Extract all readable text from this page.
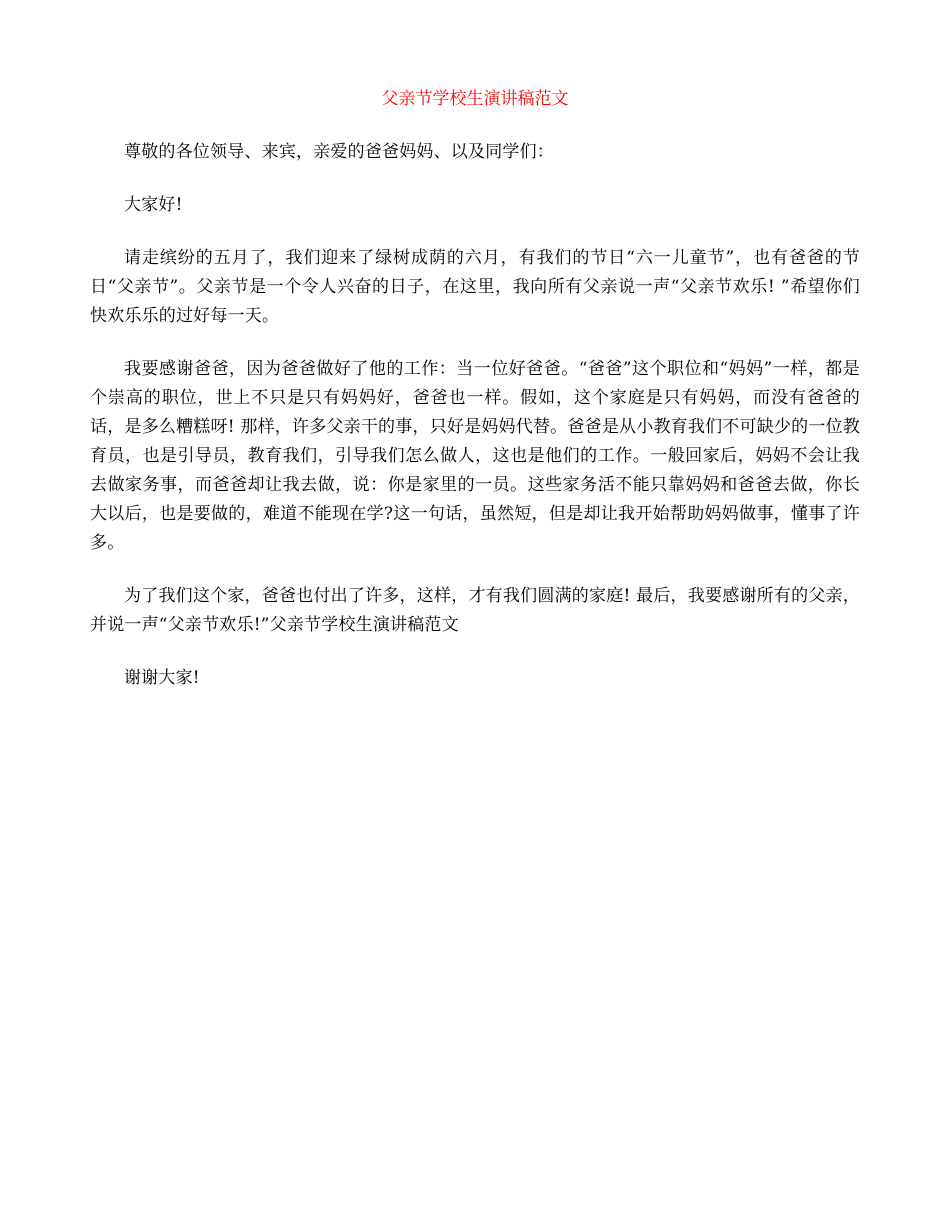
父亲节学校生演讲稿范文

尊敬的各位领导、来宾，亲爱的爸爸妈妈、以及同学们：

大家好!

请走缤纷的五月了，我们迎来了绿树成荫的六月，有我们的节日“六一儿童节”，也有爸爸的节日“父亲节”。父亲节是一个令人兴奋的日子，在这里，我向所有父亲说一声“父亲节欢乐! ”希望你们快欢乐乐的过好每一天。

我要感谢爸爸，因为爸爸做好了他的工作：当一位好爸爸。“爸爸”这个职位和“妈妈”一样，都是个崇高的职位，世上不只是只有妈妈好，爸爸也一样。假如，这个家庭是只有妈妈，而没有爸爸的话，是多么糟糕呀! 那样，许多父亲干的事，只好是妈妈代替。爸爸是从小教育我们不可缺少的一位教育员，也是引导员，教育我们，引导我们怎么做人，这也是他们的工作。一般回家后，妈妈不会让我去做家务事，而爸爸却让我去做，说：你是家里的一员。这些家务活不能只靠妈妈和爸爸去做，你长大以后，也是要做的，难道不能现在学?这一句话，虽然短，但是却让我开始帮助妈妈做事，懂事了许多。

为了我们这个家，爸爸也付出了许多，这样，才有我们圆满的家庭! 最后，我要感谢所有的父亲，并说一声“父亲节欢乐!”父亲节学校生演讲稿范文

谢谢大家!
